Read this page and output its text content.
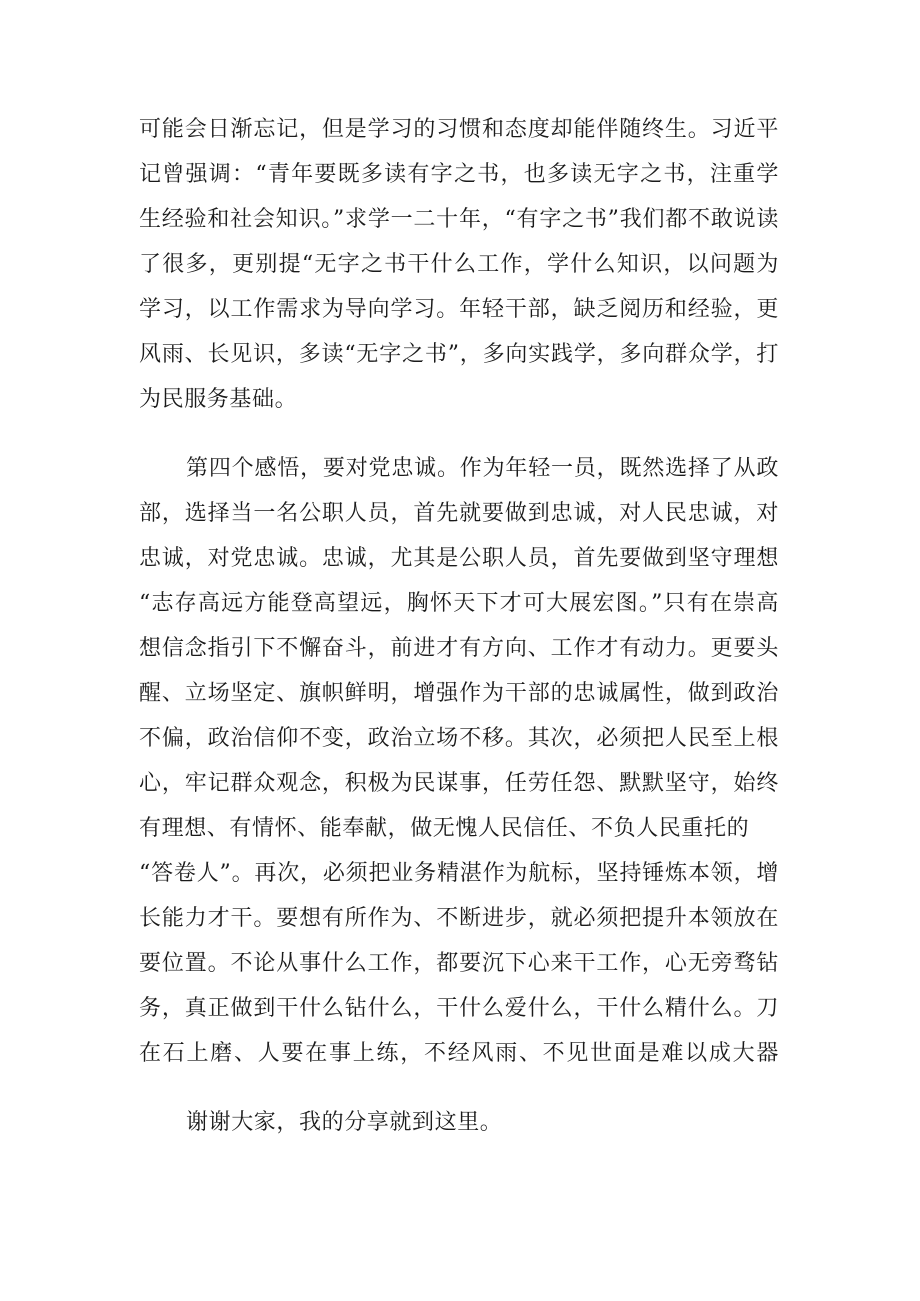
可能会日渐忘记，但是学习的习惯和态度却能伴随终生。习近平
记曾强调：“青年要既多读有字之书，也多读无字之书，注重学
生经验和社会知识。”求学一二十年，“有字之书”我们都不敢说读
了很多，更别提“无字之书干什么工作，学什么知识，以问题为
学习，以工作需求为导向学习。年轻干部，缺乏阅历和经验，更
风雨、长见识，多读“无字之书”，多向实践学，多向群众学，打
为民服务基础。
第四个感悟，要对党忠诚。作为年轻一员，既然选择了从政
部，选择当一名公职人员，首先就要做到忠诚，对人民忠诚，对
忠诚，对党忠诚。忠诚，尤其是公职人员，首先要做到坚守理想
“志存高远方能登高望远，胸怀天下才可大展宏图。”只有在崇高
想信念指引下不懈奋斗，前进才有方向、工作才有动力。更要头
醒、立场坚定、旗帜鲜明，增强作为干部的忠诚属性，做到政治
不偏，政治信仰不变，政治立场不移。其次，必须把人民至上根
心，牢记群众观念，积极为民谋事，任劳任怨、默默坚守，始终
有理想、有情怀、能奉献，做无愧人民信任、不负人民重托的
“答卷人”。再次，必须把业务精湛作为航标，坚持锤炼本领，增
长能力才干。要想有所作为、不断进步，就必须把提升本领放在
要位置。不论从事什么工作，都要沉下心来干工作，心无旁骛钻
务，真正做到干什么钻什么，干什么爱什么，干什么精什么。刀
在石上磨、人要在事上练，不经风雨、不见世面是难以成大器
谢谢大家，我的分享就到这里。
